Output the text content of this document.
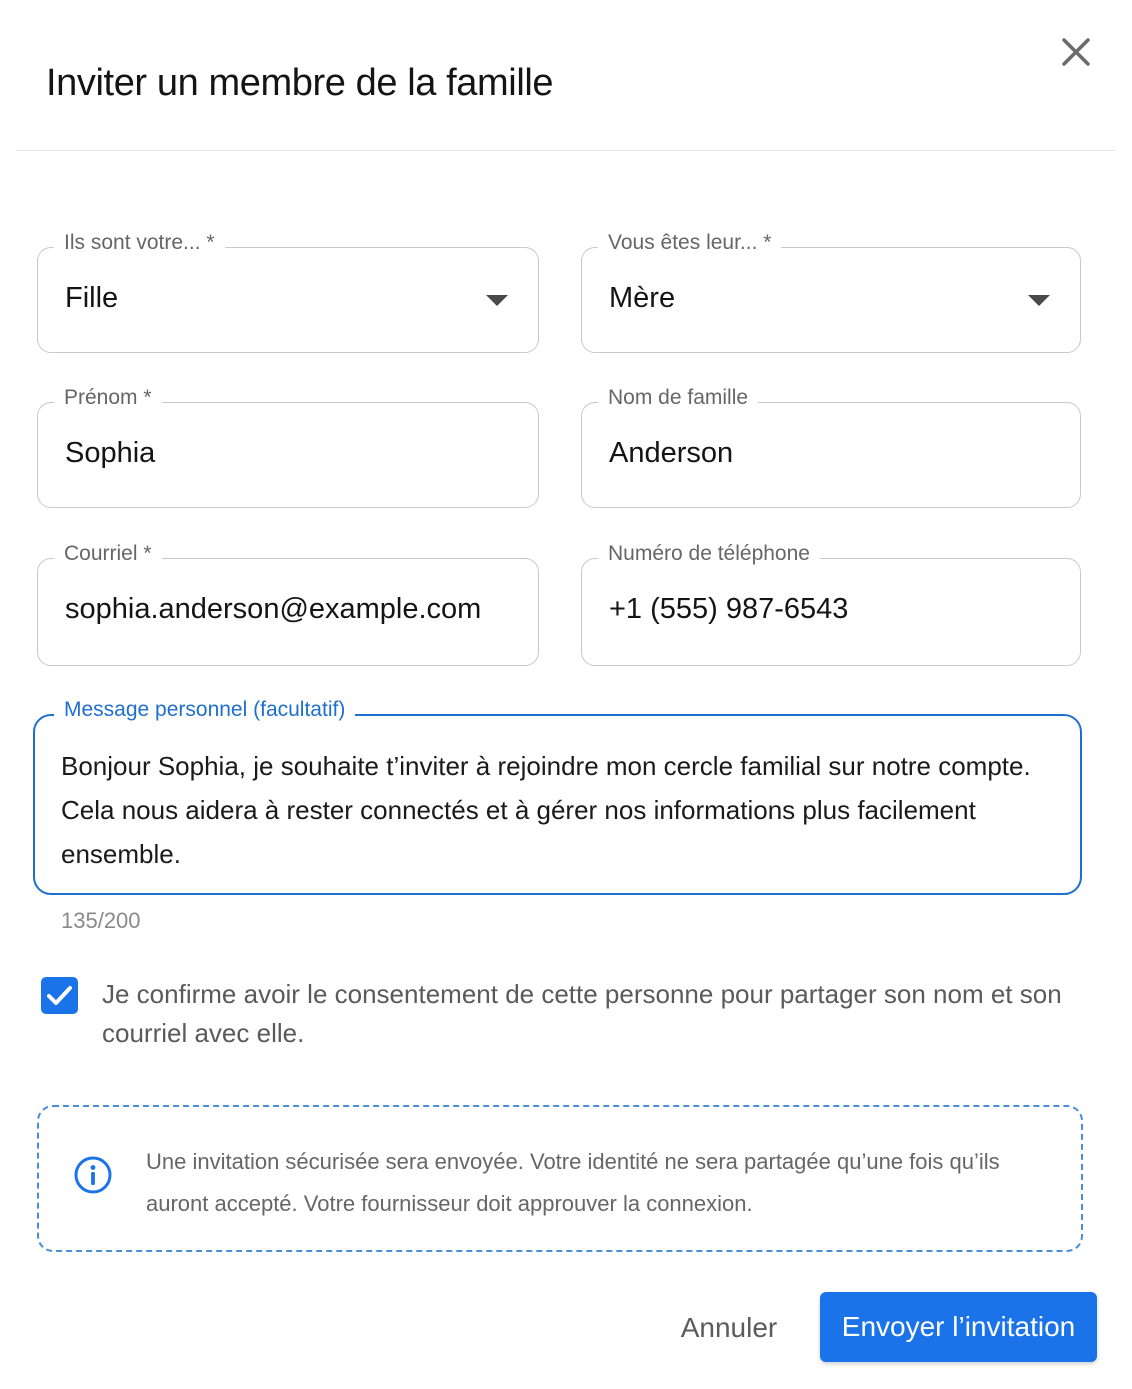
Inviter un membre de la famille
Ils sont votre... *
Fille
Vous êtes leur... *
Mère
Prénom *
Sophia
Nom de famille
Anderson
Courriel *
sophia.anderson@example.com
Numéro de téléphone
+1 (555) 987-6543
Message personnel (facultatif)
Bonjour Sophia, je souhaite t’inviter à rejoindre mon cercle familial sur notre compte. Cela nous aidera à rester connectés et à gérer nos informations plus facilement ensemble.
135/200
Je confirme avoir le consentement de cette personne pour partager son nom et son courriel avec elle.
Une invitation sécurisée sera envoyée. Votre identité ne sera partagée qu’une fois qu’ils auront accepté. Votre fournisseur doit approuver la connexion.
Annuler	Envoyer l’invitation
